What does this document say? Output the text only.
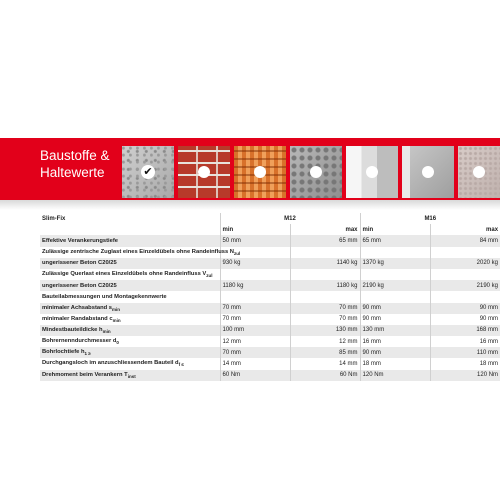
Baustoffe &
Haltewerte	✔
Slim-Fix	M12		M16	
	min	max	min	max
Effektive Verankerungstiefe	50 mm	65 mm	65 mm	84 mm
Zulässige zentrische Zuglast eines Einzeldübels ohne Randeinfluss $N_{zul}$				
ungerissener Beton C20/25	930 kg	1140 kg	1370 kg	2020 kg
Zulässige Querlast eines Einzeldübels ohne Randeinfluss $V_{zul}$				
ungerissener Beton C20/25	1180 kg	1180 kg	2190 kg	2190 kg
Bauteilabmessungen und Montagekennwerte				
minimaler Achsabstand $s_{min}$	70 mm	70 mm	90 mm	90 mm
minimaler Randabstand $c_{min}$	70 mm	70 mm	90 mm	90 mm
Mindestbauteildicke $h_{min}$	100 mm	130 mm	130 mm	168 mm
Bohrernenndurchmesser $d_0$	12 mm	12 mm	16 mm	16 mm
Bohrlochtiefe $h_{1 \ge}$	70 mm	85 mm	90 mm	110 mm
Durchgangsloch im anzuschliessendem Bauteil $d_{f \le}$	14 mm	14 mm	18 mm	18 mm
Drehmoment beim Verankern $T_{inst}$	60 Nm	60 Nm	120 Nm	120 Nm
